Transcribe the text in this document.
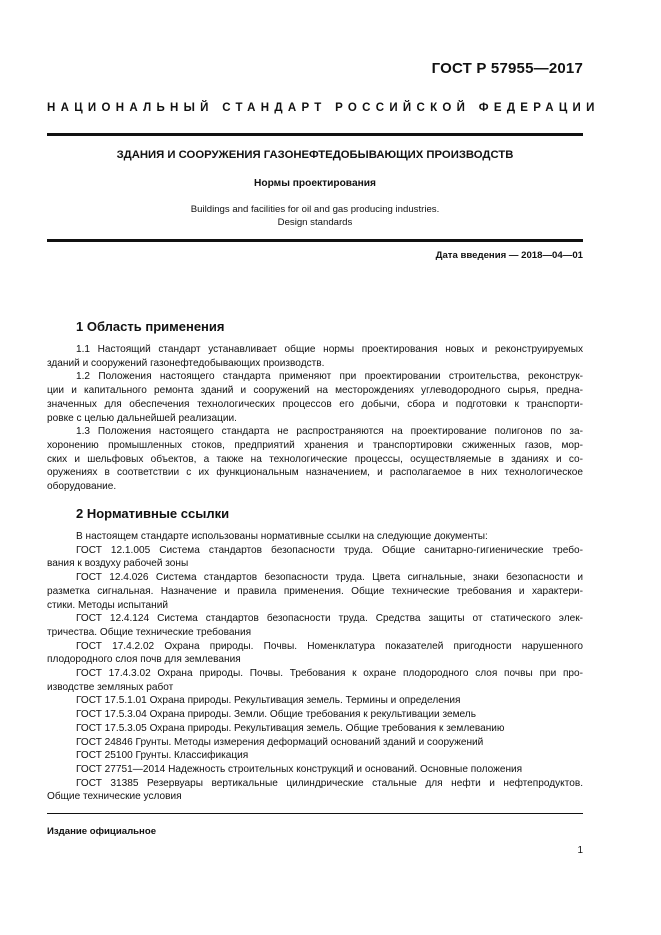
ГОСТ Р 57955—2017
НАЦИОНАЛЬНЫЙ СТАНДАРТ РОССИЙСКОЙ ФЕДЕРАЦИИ
ЗДАНИЯ И СООРУЖЕНИЯ ГАЗОНЕФТЕДОБЫВАЮЩИХ ПРОИЗВОДСТВ
Нормы проектирования
Buildings and facilities for oil and gas producing industries.
Design standards
Дата введения — 2018—04—01
1 Область применения

1.1 Настоящий стандарт устанавливает общие нормы проектирования новых и реконструируемых

зданий и сооружений газонефтедобывающих производств.

1.2 Положения настоящего стандарта применяют при проектировании строительства, реконструк-

ции и капитального ремонта зданий и сооружений на месторождениях углеводородного сырья, предна-

значенных для обеспечения технологических процессов его добычи, сбора и подготовки к транспорти-

ровке с целью дальнейшей реализации.

1.3 Положения настоящего стандарта не распространяются на проектирование полигонов по за-

хоронению промышленных стоков, предприятий хранения и транспортировки сжиженных газов, мор-

ских и шельфовых объектов, а также на технологические процессы, осуществляемые в зданиях и со-

оружениях в соответствии с их функциональным назначением, и располагаемое в них технологическое

оборудование.

2 Нормативные ссылки

В настоящем стандарте использованы нормативные ссылки на следующие документы:

ГОСТ 12.1.005 Система стандартов безопасности труда. Общие санитарно-гигиенические требо-

вания к воздуху рабочей зоны

ГОСТ 12.4.026 Система стандартов безопасности труда. Цвета сигнальные, знаки безопасности и

разметка сигнальная. Назначение и правила применения. Общие технические требования и характери-

стики. Методы испытаний

ГОСТ 12.4.124 Система стандартов безопасности труда. Средства защиты от статического элек-

тричества. Общие технические требования

ГОСТ 17.4.2.02 Охрана природы. Почвы. Номенклатура показателей пригодности нарушенного

плодородного слоя почв для землевания

ГОСТ 17.4.3.02 Охрана природы. Почвы. Требования к охране плодородного слоя почвы при про-

изводстве земляных работ

ГОСТ 17.5.1.01 Охрана природы. Рекультивация земель. Термины и определения

ГОСТ 17.5.3.04 Охрана природы. Земли. Общие требования к рекультивации земель

ГОСТ 17.5.3.05 Охрана природы. Рекультивация земель. Общие требования к землеванию

ГОСТ 24846 Грунты. Методы измерения деформаций оснований зданий и сооружений

ГОСТ 25100 Грунты. Классификация

ГОСТ 27751—2014 Надежность строительных конструкций и оснований. Основные положения

ГОСТ 31385 Резервуары вертикальные цилиндрические стальные для нефти и нефтепродуктов.

Общие технические условия

Издание официальное
1
